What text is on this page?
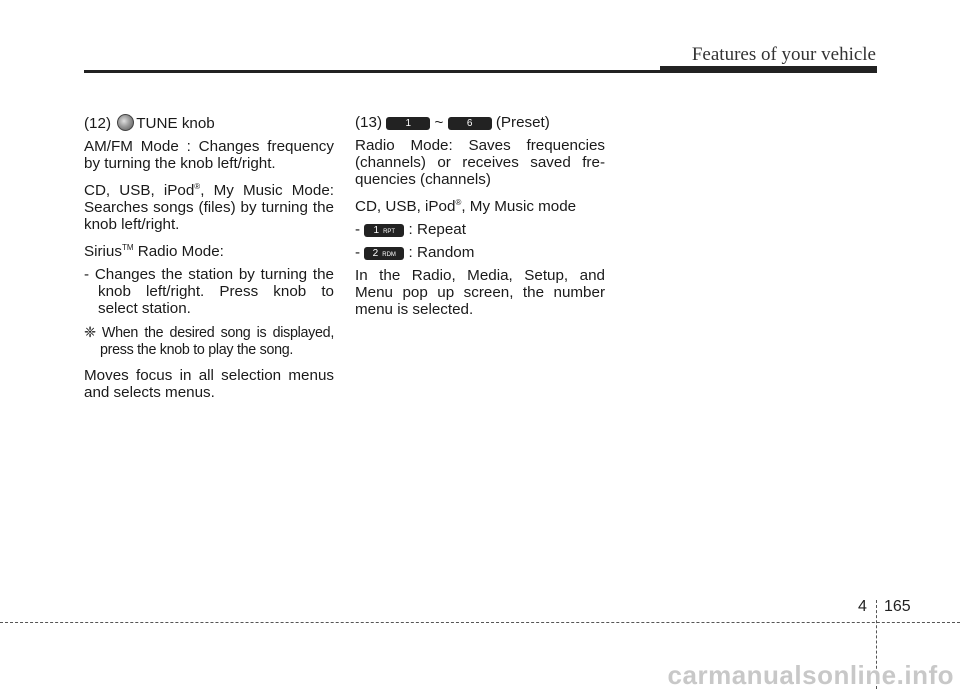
Features of your vehicle

(12) TUNE knob

AM/FM Mode : Changes frequency by turning the knob left/right.

CD, USB, iPod®, My Music Mode: Searches songs (files) by turning the knob left/right.

Sirius™ Radio Mode:

- Changes the station by turning the knob left/right. Press knob to select station.

❈ When the desired song is displayed, press the knob to play the song.

Moves focus in all selection menus and selects menus.

(13) 1 ~ 6 (Preset)

Radio Mode: Saves frequencies (channels) or receives saved fre-quencies (channels)

CD, USB, iPod®, My Music mode

- 1 RPT : Repeat

- 2 RDM : Random

In the Radio, Media, Setup, and Menu pop up screen, the number menu is selected.

4 165
carmanualsonline.info
